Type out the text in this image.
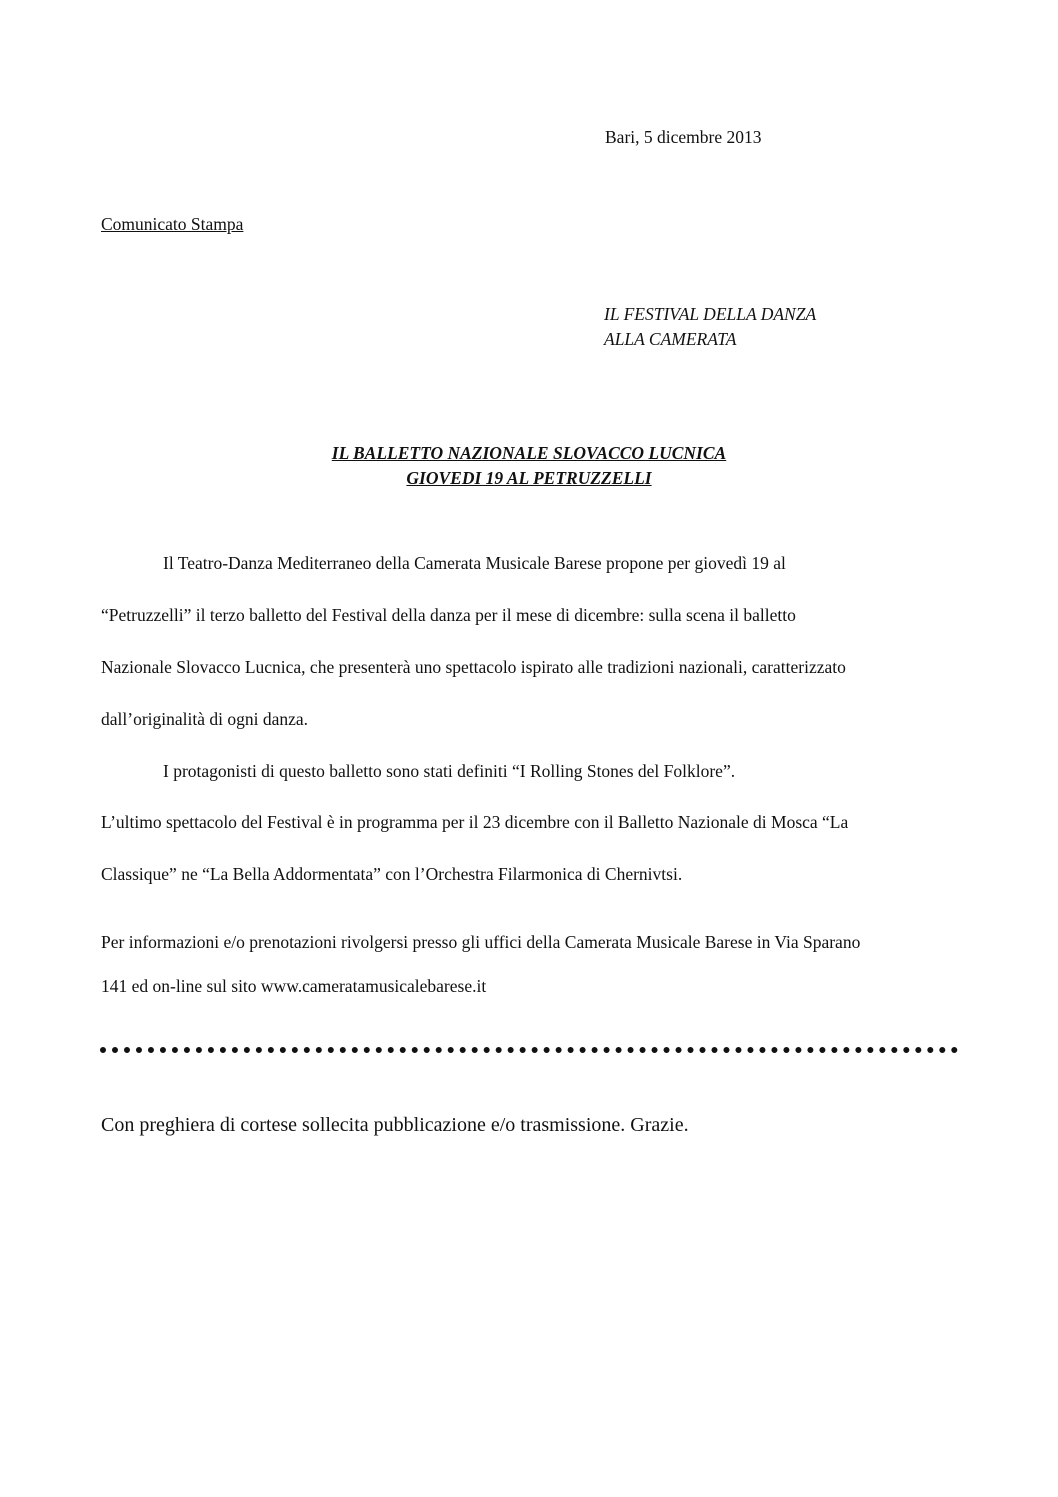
Bari, 5 dicembre 2013
Comunicato Stampa
IL FESTIVAL DELLA DANZA
ALLA CAMERATA
IL BALLETTO NAZIONALE SLOVACCO LUCNICA
GIOVEDI 19 AL PETRUZZELLI
Il Teatro-Danza Mediterraneo della Camerata Musicale Barese propone per giovedì 19 al
“Petruzzelli” il terzo balletto del Festival della danza per il mese di dicembre: sulla scena il balletto
Nazionale Slovacco Lucnica, che presenterà uno spettacolo ispirato alle tradizioni nazionali, caratterizzato
dall’originalità di ogni danza.
I protagonisti di questo balletto sono stati definiti “I Rolling Stones del Folklore”.
L’ultimo spettacolo del Festival è in programma per il 23 dicembre con il Balletto Nazionale di Mosca “La
Classique” ne “La Bella Addormentata” con l’Orchestra Filarmonica di Chernivtsi.
Per informazioni e/o prenotazioni rivolgersi presso gli uffici della Camerata Musicale Barese in Via Sparano
141 ed on-line sul sito www.cameratamusicalebarese.it
Con preghiera di cortese sollecita pubblicazione e/o trasmissione. Grazie.
